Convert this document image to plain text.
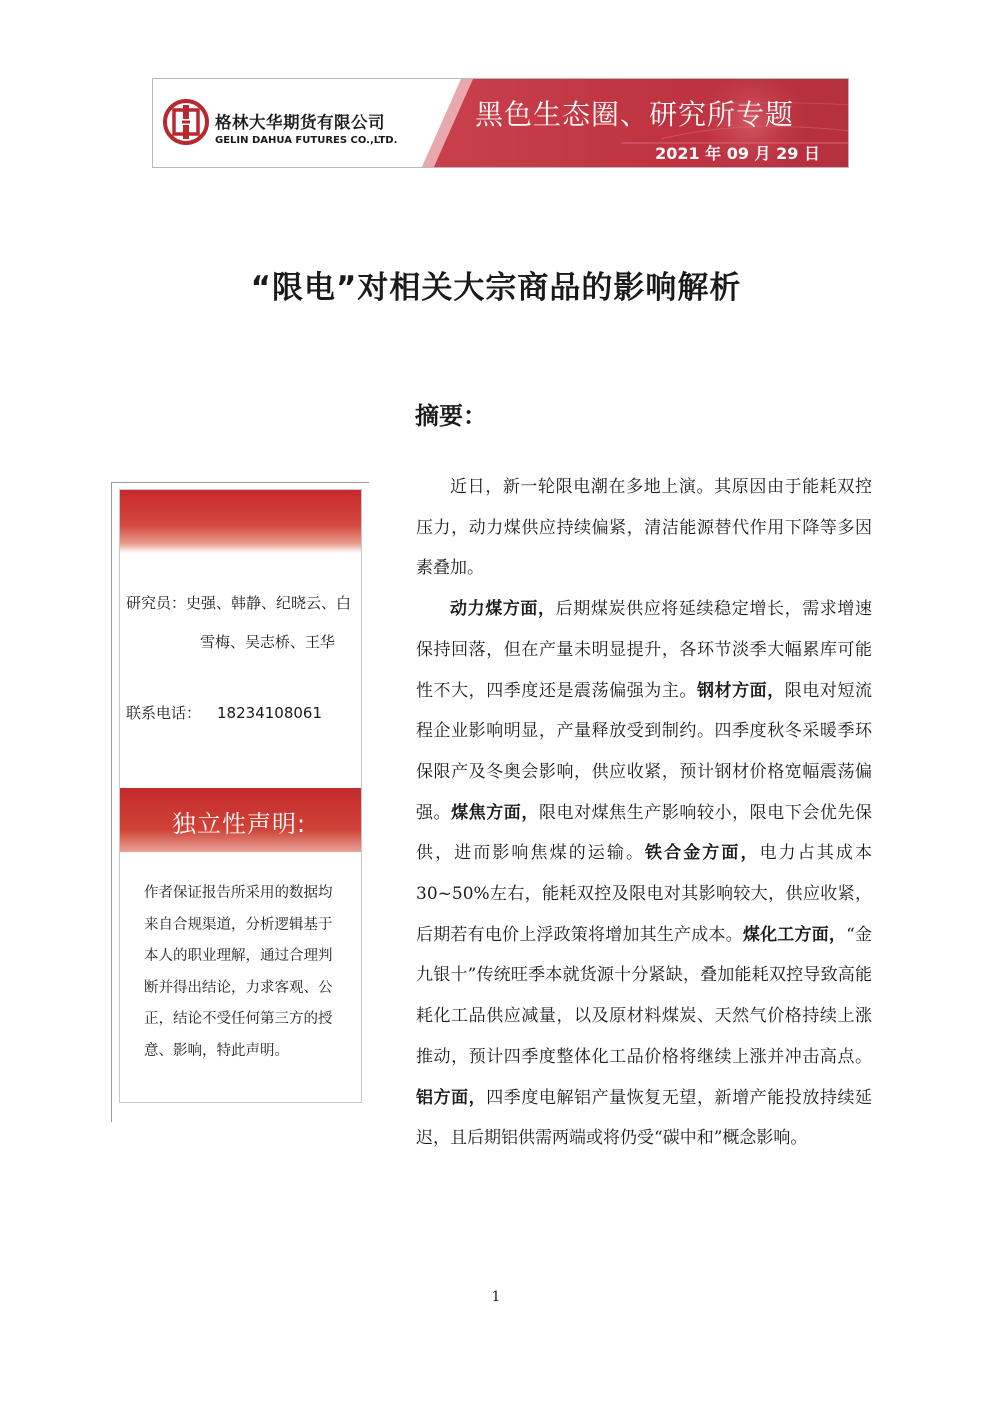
格林大华期货有限公司
GELIN DAHUA FUTURES CO.,LTD.
黑色生态圈、研究所专题
2021 年 09 月 29 日
“限电”对相关大宗商品的影响解析
摘要：
研究员：史强、韩静、纪晓云、白雪梅、吴志桥、王华
联系电话： 18234108061
独立性声明:
作者保证报告所采用的数据均来自合规渠道，分析逻辑基于本人的职业理解，通过合理判断并得出结论，力求客观、公正，结论不受任何第三方的授意、影响，特此声明。

近日，新一轮限电潮在多地上演。其原因由于能耗双控压力，动力煤供应持续偏紧，清洁能源替代作用下降等多因素叠加。

动力煤方面，后期煤炭供应将延续稳定增长，需求增速保持回落，但在产量未明显提升，各环节淡季大幅累库可能性不大，四季度还是震荡偏强为主。钢材方面，限电对短流程企业影响明显，产量释放受到制约。四季度秋冬采暖季环保限产及冬奥会影响，供应收紧，预计钢材价格宽幅震荡偏强。煤焦方面，限电对煤焦生产影响较小，限电下会优先保供，进而影响焦煤的运输。铁合金方面，电力占其成本 30~50%左右，能耗双控及限电对其影响较大，供应收紧，后期若有电价上浮政策将增加其生产成本。煤化工方面，“金九银十”传统旺季本就货源十分紧缺，叠加能耗双控导致高能耗化工品供应减量，以及原材料煤炭、天然气价格持续上涨推动，预计四季度整体化工品价格将继续上涨并冲击高点。铝方面，四季度电解铝产量恢复无望，新增产能投放持续延迟，且后期铝供需两端或将仍受“碳中和”概念影响。

1
